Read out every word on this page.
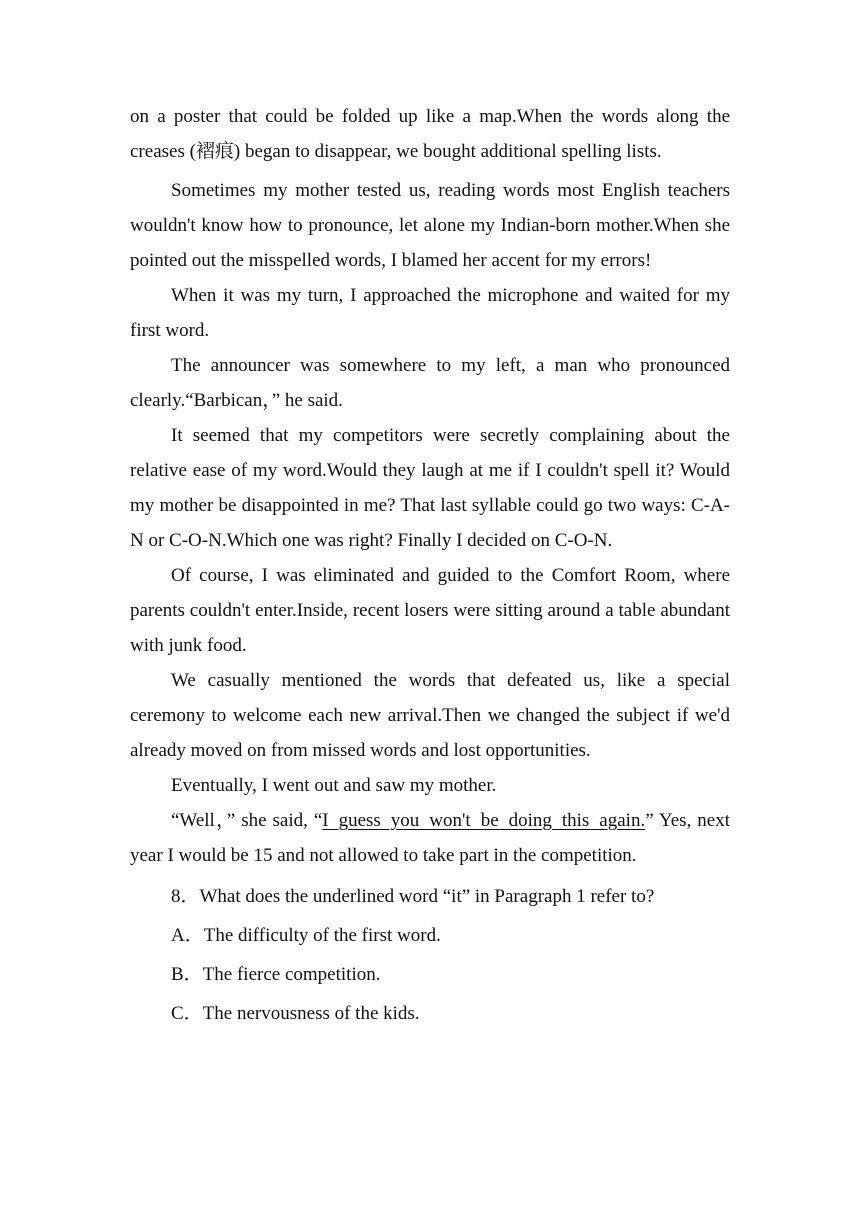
on a poster that could be folded up like a map.When the words along the creases (褶痕) began to disappear, we bought additional spelling lists.

Sometimes my mother tested us, reading words most English teachers wouldn't know how to pronounce, let alone my Indian-born mother.When she pointed out the misspelled words, I blamed her accent for my errors!

When it was my turn, I approached the microphone and waited for my first word.

The announcer was somewhere to my left, a man who pronounced clearly.“Barbican，” he said.

It seemed that my competitors were secretly complaining about the relative ease of my word.Would they laugh at me if I couldn't spell it? Would my mother be disappointed in me? That last syllable could go two ways: C-A-N or C-O-N.Which one was right? Finally I decided on C-O-N.

Of course, I was eliminated and guided to the Comfort Room, where parents couldn't enter.Inside, recent losers were sitting around a table abundant with junk food.

We casually mentioned the words that defeated us, like a special ceremony to welcome each new arrival.Then we changed the subject if we'd already moved on from missed words and lost opportunities.

Eventually, I went out and saw my mother.

“Well，” she said, “I guess you won't be doing this again.” Yes, next year I would be 15 and not allowed to take part in the competition.

8．What does the underlined word “it” in Paragraph 1 refer to?

A．The difficulty of the first word.

B．The fierce competition.

C．The nervousness of the kids.
